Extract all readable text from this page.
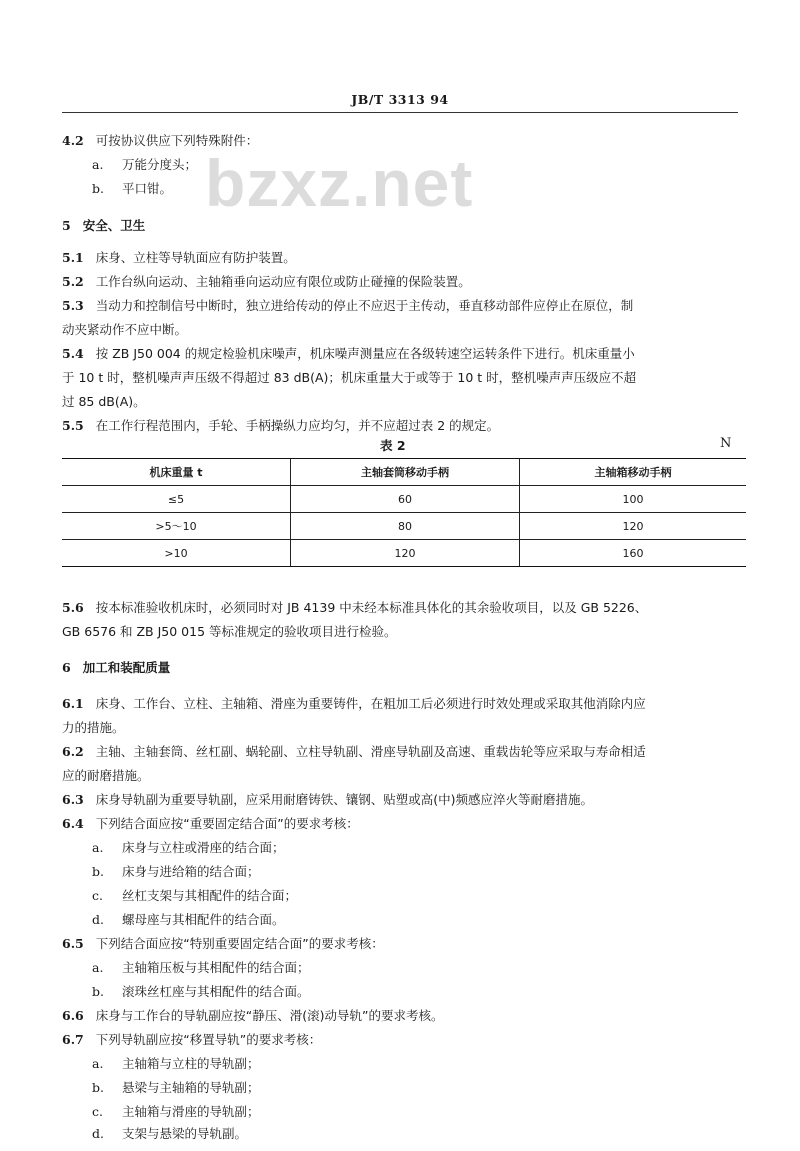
JB/T 3313 94
bzxz.net
4.2 可按协议供应下列特殊附件：
a. 万能分度头；
b. 平口钳。
5 安全、卫生
5.1 床身、立柱等导轨面应有防护装置。
5.2 工作台纵向运动、主轴箱垂向运动应有限位或防止碰撞的保险装置。
5.3 当动力和控制信号中断时，独立进给传动的停止不应迟于主传动，垂直移动部件应停止在原位，制
动夹紧动作不应中断。
5.4 按 ZB J50 004 的规定检验机床噪声，机床噪声测量应在各级转速空运转条件下进行。机床重量小
于 10 t 时，整机噪声声压级不得超过 83 dB(A)；机床重量大于或等于 10 t 时，整机噪声声压级应不超
过 85 dB(A)。
5.5 在工作行程范围内，手轮、手柄操纵力应均匀，并不应超过表 2 的规定。
表 2	N
机床重量 t	主轴套筒移动手柄	主轴箱移动手柄
≤5	60	100
>5～10	80	120
>10	120	160
5.6 按本标准验收机床时，必须同时对 JB 4139 中未经本标准具体化的其余验收项目，以及 GB 5226、
GB 6576 和 ZB J50 015 等标准规定的验收项目进行检验。
6 加工和装配质量
6.1 床身、工作台、立柱、主轴箱、滑座为重要铸件，在粗加工后必须进行时效处理或采取其他消除内应
力的措施。
6.2 主轴、主轴套筒、丝杠副、蜗轮副、立柱导轨副、滑座导轨副及高速、重载齿轮等应采取与寿命相适
应的耐磨措施。
6.3 床身导轨副为重要导轨副，应采用耐磨铸铁、镶钢、贴塑或高(中)频感应淬火等耐磨措施。
6.4 下列结合面应按“重要固定结合面”的要求考核：
a. 床身与立柱或滑座的结合面；
b. 床身与进给箱的结合面；
c. 丝杠支架与其相配件的结合面；
d. 螺母座与其相配件的结合面。
6.5 下列结合面应按“特别重要固定结合面”的要求考核：
a. 主轴箱压板与其相配件的结合面；
b. 滚珠丝杠座与其相配件的结合面。
6.6 床身与工作台的导轨副应按“静压、滑(滚)动导轨”的要求考核。
6.7 下列导轨副应按“移置导轨”的要求考核：
a. 主轴箱与立柱的导轨副；
b. 悬梁与主轴箱的导轨副；
c. 主轴箱与滑座的导轨副；
d. 支架与悬梁的导轨副。
